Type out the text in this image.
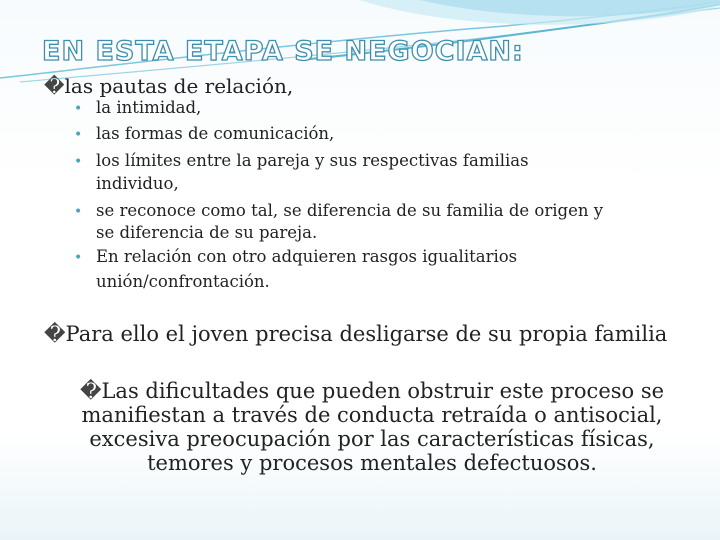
EN ESTA ETAPA SE NEGOCIAN:
�las pautas de relación,
• la intimidad,
• las formas de comunicación,
• los límites entre la pareja y sus respectivas familias
individuo,
• se reconoce como tal, se diferencia de su familia de origen y
se diferencia de su pareja.
• En relación con otro adquieren rasgos igualitarios
unión/confrontación.
�Para ello el joven precisa desligarse de su propia familia
�Las dificultades que pueden obstruir este proceso se
manifiestan a través de conducta retraída o antisocial,
excesiva preocupación por las características físicas,
temores y procesos mentales defectuosos.
